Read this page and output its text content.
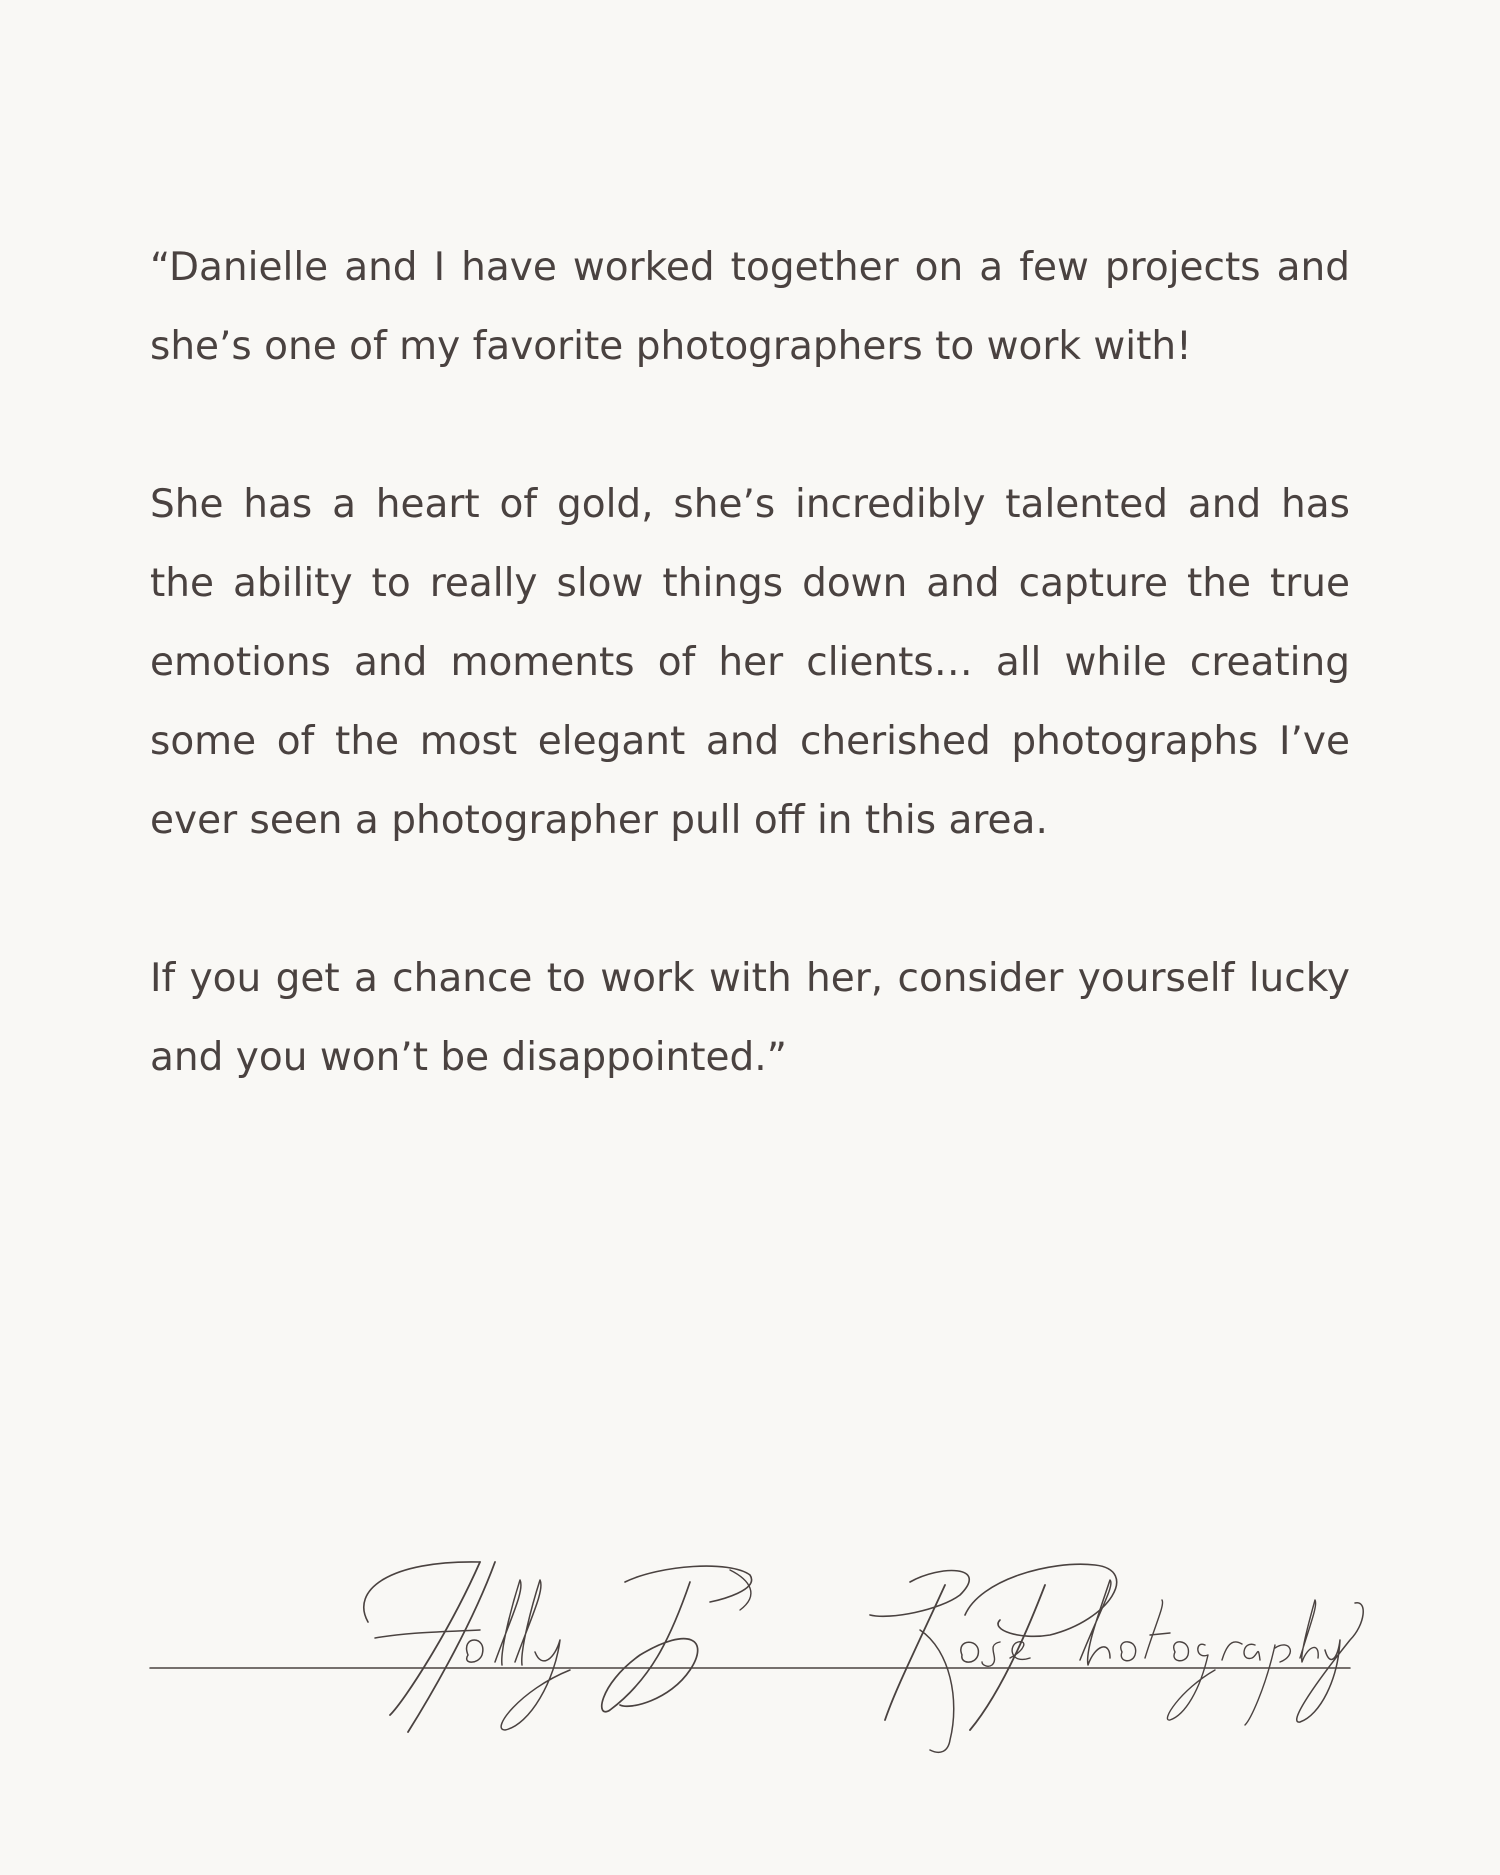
“Danielle and I have worked together on a few projects and she’s one of my favorite photographers to work with!

She has a heart of gold, she’s incredibly talented and has the ability to really slow things down and capture the true emotions and moments of her clients… all while creating some of the most elegant and cherished photographs I’ve ever seen a photographer pull off in this area.

If you get a chance to work with her, consider yourself lucky and you won’t be disappointed.”
